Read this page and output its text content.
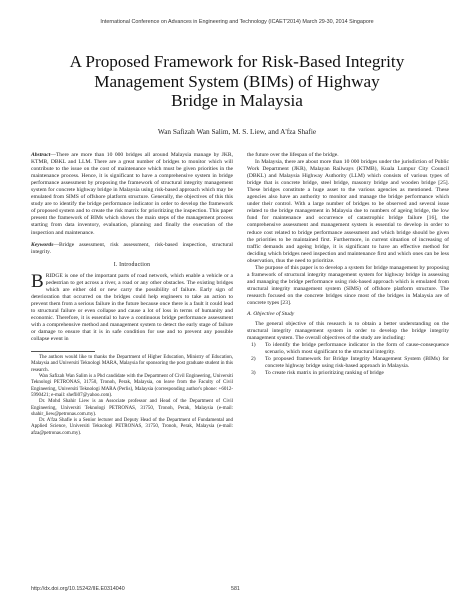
International Conference on Advances in Engineering and Technology (ICAET'2014) March 29-30, 2014 Singapore
A Proposed Framework for Risk-Based Integrity
Management System (BIMs) of Highway
Bridge in Malaysia
Wan Safizah Wan Salim, M. S. Liew, and A'fza Shafie

Abstract—There are more than 10 000 bridges all around Malaysia manage by JKR, KTMB, DBKL and LLM. There are a great number of bridges to monitor which will contribute to the issue on the cost of maintenance which must be given priorities in the maintenance process. Hence, it is significant to have a comprehensive system in bridge performance assessment by proposing the framework of structural integrity management system for concrete highway bridge in Malaysia using risk-based approach which may be emulated from SIMS of offshore platform structure. Generally, the objectives of this this study are to identify the bridge performance indicator in order to develop the framework of proposed system and to create the risk matrix for prioritizing the inspection. This paper present the framework of BIMs which shows the main steps of the management process starting from data inventory, evaluation, planning and finally the execution of the inspection and maintenance.

Keywords—Bridge assessment, risk assessment, risk-based inspection, structural integrity.

I. Introduction

BRIDGE is one of the important parts of road network, which enable a vehicle or a pedestrian to get across a river, a road or any other obstacles. The existing bridges which are either old or new carry the possibility of failure. Early sign of deterioration that occurred on the bridges could help engineers to take an action to prevent them from a serious failure in the future because once there is a fault it could lead to structural failure or even collapse and cause a lot of loss in terms of humanity and economic. Therefore, it is essential to have a continuous bridge performance assessment with a comprehensive method and management system to detect the early stage of failure or damage to ensure that it is in safe condition for use and to prevent any possible collapse event in

The authors would like to thanks the Department of Higher Education, Ministry of Education, Malaysia and Universiti Teknologi MARA, Malaysia for sponsoring the post graduate student in this research.

Wan Safizah Wan Salim is a Phd candidate with the Department of Civil Engineering, Universiti Teknologi PETRONAS, 31750, Tronoh, Perak, Malaysia, on leave from the Faculty of Civil Engineering, Universiti Teknologi MARA (Perlis), Malaysia (corresponding author's phone: +6012-5990421; e-mail: shefli07@yahoo.com).

Dr. Mohd Shahir Liew is an Associate professor and Head of the Department of Civil Engineering, Universiti Teknologi PETRONAS, 31750, Tronoh, Perak, Malaysia (e-mail: shahir_liew@petronas.com.my).

Dr. A'fza Shafie is a Senior lecturer and Deputy Head of the Department of Fundamental and Applied Science, Universiti Teknologi PETRONAS, 31750, Tronoh, Perak, Malaysia (e-mail: afza@petronas.com.my).

the future over the lifespan of the bridge.

In Malaysia, there are about more than 10 000 bridges under the jurisdiction of Public Work Department (JKR), Malayan Railways (KTMB), Kuala Lumpur City Council (DBKL) and Malaysia Highway Authority (LLM) which consists of various types of bridge that is concrete bridge, steel bridge, masonry bridge and wooden bridge [25]. These bridges constitute a huge asset to the various agencies as mentioned. These agencies also have an authority to monitor and manage the bridge performance which under their control. With a large number of bridges to be observed and several issue related to the bridge management in Malaysia due to numbers of ageing bridge, the low fund for maintenance and occurrence of catastrophic bridge failure [16], the comprehensive assessment and management system is essential to develop in order to reduce cost related to bridge performance assessment and which bridge should be given the priorities to be maintained first. Furthermore, in current situation of increasing of traffic demands and ageing bridge, it is significant to have an effective method for deciding which bridges need inspection and maintenance first and which ones can be less observation, thus the need to prioritize.

The purpose of this paper is to develop a system for bridge management by proposing a framework of structural integrity management system for highway bridge in assessing and managing the bridge performance using risk-based approach which is emulated from structural integrity management system (SIMS) of offshore platform structure. The research focused on the concrete bridges since most of the bridges in Malaysia are of concrete types [23].

A. Objective of Study

The general objective of this research is to obtain a better understanding on the structural integrity management system in order to develop the bridge integrity management system. The overall objectives of the study are including:

1)	To identify the bridge performance indicator in the form of cause-consequence scenario, which most significant to the structural integrity.
2)	To proposed framework for Bridge Integrity Management System (BIMs) for concrete highway bridge using risk-based approach in Malaysia.
3)	To create risk matrix in prioritizing ranking of bridge
http://dx.doi.org/10.15242/IIE.E0314040	581
